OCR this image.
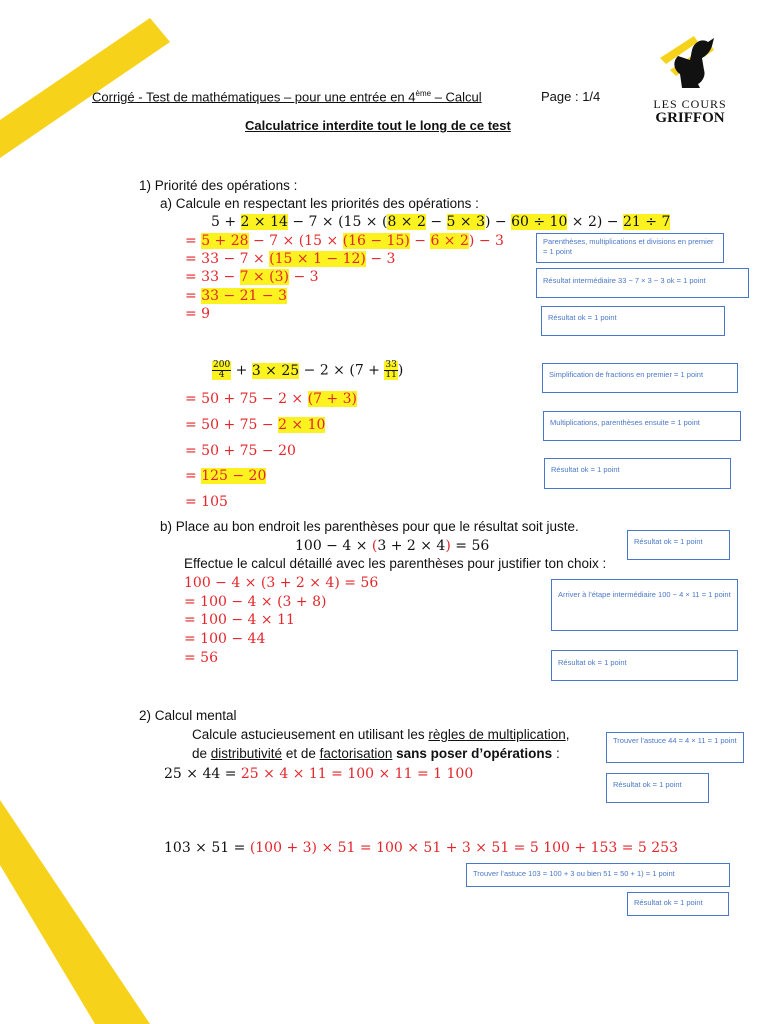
LES COURS
GRIFFON
Corrigé - Test de mathématiques – pour une entrée en 4ème – Calcul	Page : 1/4
Calculatrice interdite tout le long de ce test
1) Priorité des opérations :
a) Calcule en respectant les priorités des opérations :
5 + 2 × 14 − 7 × (15 × (8 × 2 − 5 × 3) − 60 ÷ 10 × 2) − 21 ÷ 7
= 5 + 28 − 7 × (15 × (16 − 15) − 6 × 2) − 3
= 33 − 7 × (15 × 1 − 12) − 3
= 33 − 7 × (3) − 3
= 33 − 21 − 3
= 9
$\frac{200}{4} + 3 \times 25 - 2 \times (7 + \frac{33}{11}$ )
= 50 + 75 − 2 × (7 + 3)
= 50 + 75 − 2 × 10
= 50 + 75 − 20
= 125 − 20
= 105
b) Place au bon endroit les parenthèses pour que le résultat soit juste.
100 − 4 × (3 + 2 × 4) = 56
Effectue le calcul détaillé avec les parenthèses pour justifier ton choix :
100 − 4 × (3 + 2 × 4) = 56
= 100 − 4 × (3 + 8)
= 100 − 4 × 11
= 100 − 44
= 56
2) Calcul mental
Calcule astucieusement en utilisant les règles de multiplication,
de distributivité et de factorisation sans poser d’opérations :
25 × 44 = 25 × 4 × 11 = 100 × 11 = 1 100
103 × 51 = (100 + 3) × 51 = 100 × 51 + 3 × 51 = 5 100 + 153 = 5 253
Parenthèses, multiplications et divisions en premier = 1 point
Résultat intermédiaire 33 − 7 × 3 − 3 ok = 1 point
Résultat ok = 1 point
Simplification de fractions en premier = 1 point
Multiplications, parenthèses ensuite = 1 point
Résultat ok = 1 point
Résultat ok = 1 point
Arriver à l’étape intermédiaire 100 − 4 × 11 = 1 point
Résultat ok = 1 point
Trouver l’astuce 44 = 4 × 11 = 1 point
Résultat ok = 1 point
Trouver l’astuce 103 = 100 + 3 ou bien 51 = 50 + 1) = 1 point
Résultat ok = 1 point
